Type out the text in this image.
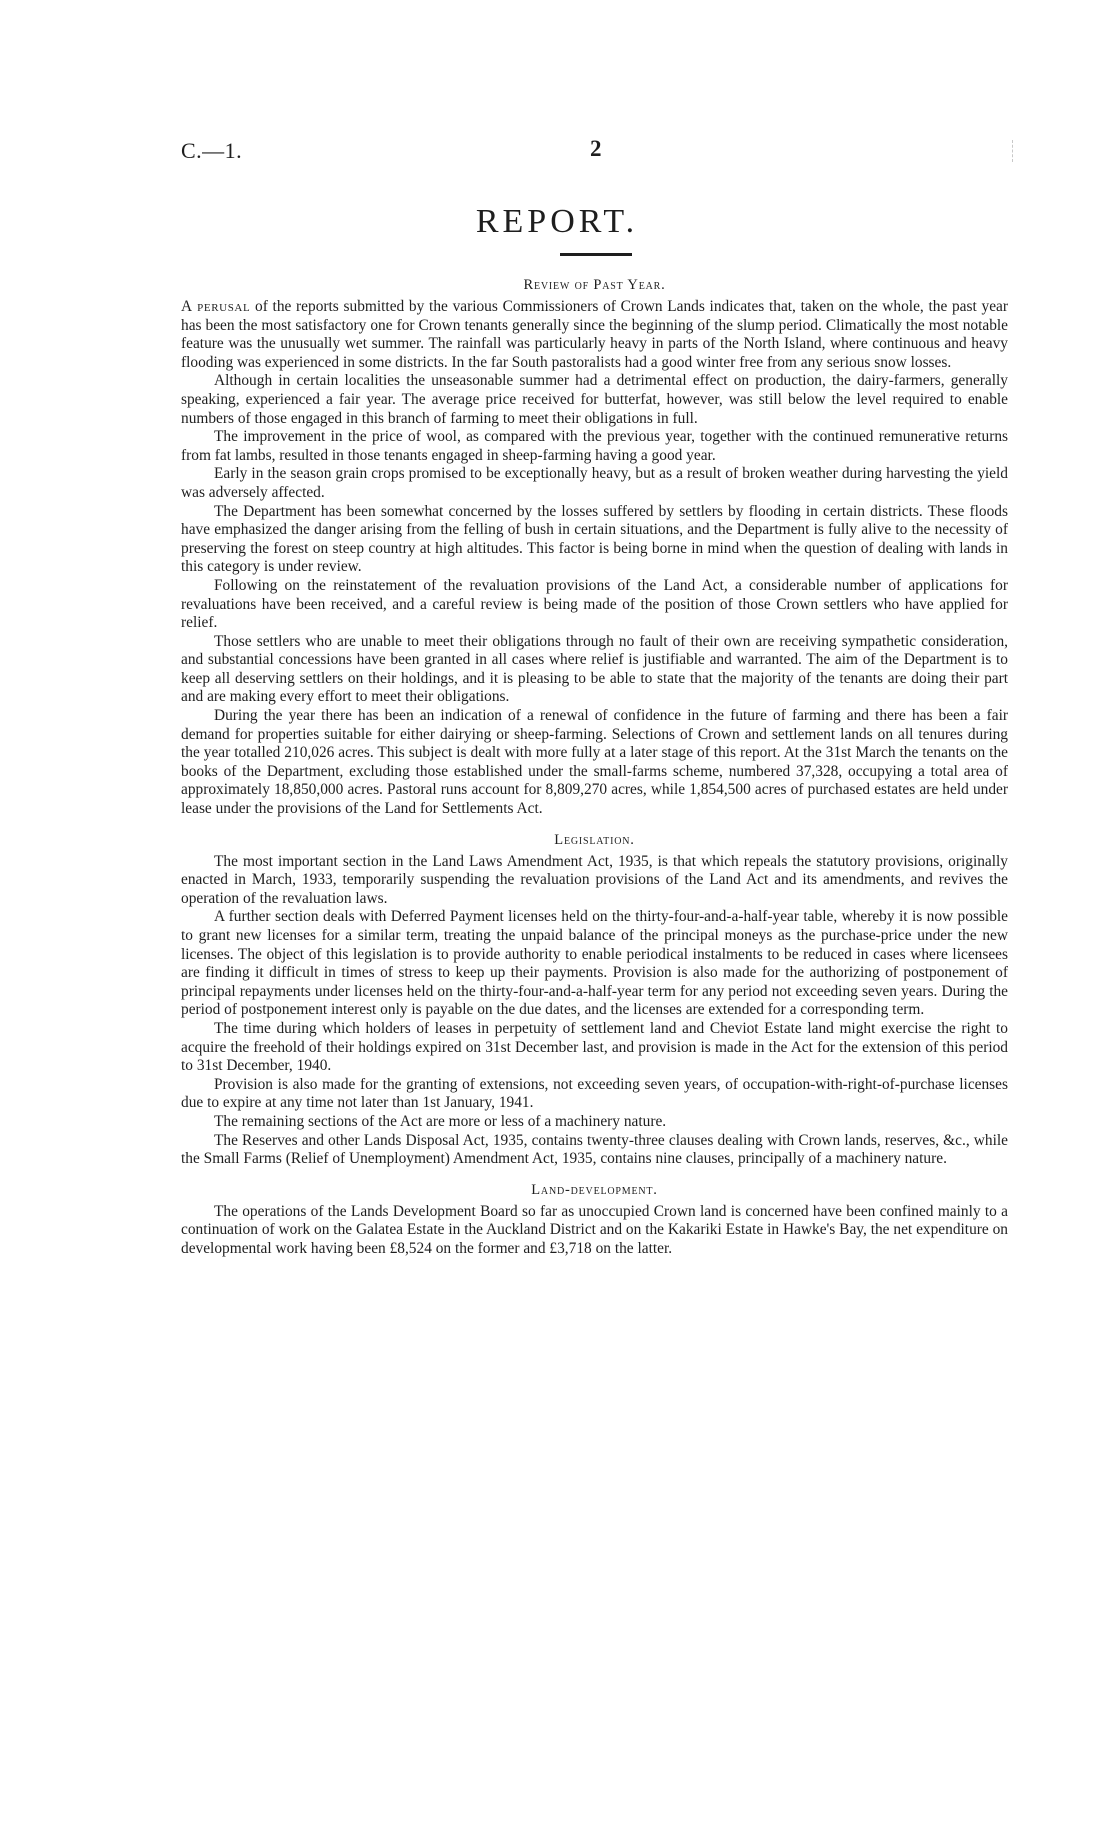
C.—1.	2
REPORT.
Review of Past Year.

A perusal of the reports submitted by the various Commissioners of Crown Lands indicates that, taken on the whole, the past year has been the most satisfactory one for Crown tenants generally since the beginning of the slump period. Climatically the most notable feature was the unusually wet summer. The rainfall was particularly heavy in parts of the North Island, where continuous and heavy flooding was experienced in some districts. In the far South pastoralists had a good winter free from any serious snow losses.

Although in certain localities the unseasonable summer had a detrimental effect on production, the dairy-farmers, generally speaking, experienced a fair year. The average price received for butterfat, however, was still below the level required to enable numbers of those engaged in this branch of farming to meet their obligations in full.

The improvement in the price of wool, as compared with the previous year, together with the continued remunerative returns from fat lambs, resulted in those tenants engaged in sheep-farming having a good year.

Early in the season grain crops promised to be exceptionally heavy, but as a result of broken weather during harvesting the yield was adversely affected.

The Department has been somewhat concerned by the losses suffered by settlers by flooding in certain districts. These floods have emphasized the danger arising from the felling of bush in certain situations, and the Department is fully alive to the necessity of preserving the forest on steep country at high altitudes. This factor is being borne in mind when the question of dealing with lands in this category is under review.

Following on the reinstatement of the revaluation provisions of the Land Act, a considerable number of applications for revaluations have been received, and a careful review is being made of the position of those Crown settlers who have applied for relief.

Those settlers who are unable to meet their obligations through no fault of their own are receiving sympathetic consideration, and substantial concessions have been granted in all cases where relief is justifiable and warranted. The aim of the Department is to keep all deserving settlers on their holdings, and it is pleasing to be able to state that the majority of the tenants are doing their part and are making every effort to meet their obligations.

During the year there has been an indication of a renewal of confidence in the future of farming and there has been a fair demand for properties suitable for either dairying or sheep-farming. Selections of Crown and settlement lands on all tenures during the year totalled 210,026 acres. This subject is dealt with more fully at a later stage of this report. At the 31st March the tenants on the books of the Department, excluding those established under the small-farms scheme, numbered 37,328, occupying a total area of approximately 18,850,000 acres. Pastoral runs account for 8,809,270 acres, while 1,854,500 acres of purchased estates are held under lease under the provisions of the Land for Settlements Act.

Legislation.

The most important section in the Land Laws Amendment Act, 1935, is that which repeals the statutory provisions, originally enacted in March, 1933, temporarily suspending the revaluation provisions of the Land Act and its amendments, and revives the operation of the revaluation laws.

A further section deals with Deferred Payment licenses held on the thirty-four-and-a-half-year table, whereby it is now possible to grant new licenses for a similar term, treating the unpaid balance of the principal moneys as the purchase-price under the new licenses. The object of this legislation is to provide authority to enable periodical instalments to be reduced in cases where licensees are finding it difficult in times of stress to keep up their payments. Provision is also made for the authorizing of postponement of principal repayments under licenses held on the thirty-four-and-a-half-year term for any period not exceeding seven years. During the period of postponement interest only is payable on the due dates, and the licenses are extended for a corresponding term.

The time during which holders of leases in perpetuity of settlement land and Cheviot Estate land might exercise the right to acquire the freehold of their holdings expired on 31st December last, and provision is made in the Act for the extension of this period to 31st December, 1940.

Provision is also made for the granting of extensions, not exceeding seven years, of occupation-with-right-of-purchase licenses due to expire at any time not later than 1st January, 1941.

The remaining sections of the Act are more or less of a machinery nature.

The Reserves and other Lands Disposal Act, 1935, contains twenty-three clauses dealing with Crown lands, reserves, &c., while the Small Farms (Relief of Unemployment) Amendment Act, 1935, contains nine clauses, principally of a machinery nature.

Land-development.

The operations of the Lands Development Board so far as unoccupied Crown land is concerned have been confined mainly to a continuation of work on the Galatea Estate in the Auckland District and on the Kakariki Estate in Hawke's Bay, the net expenditure on developmental work having been £8,524 on the former and £3,718 on the latter.
